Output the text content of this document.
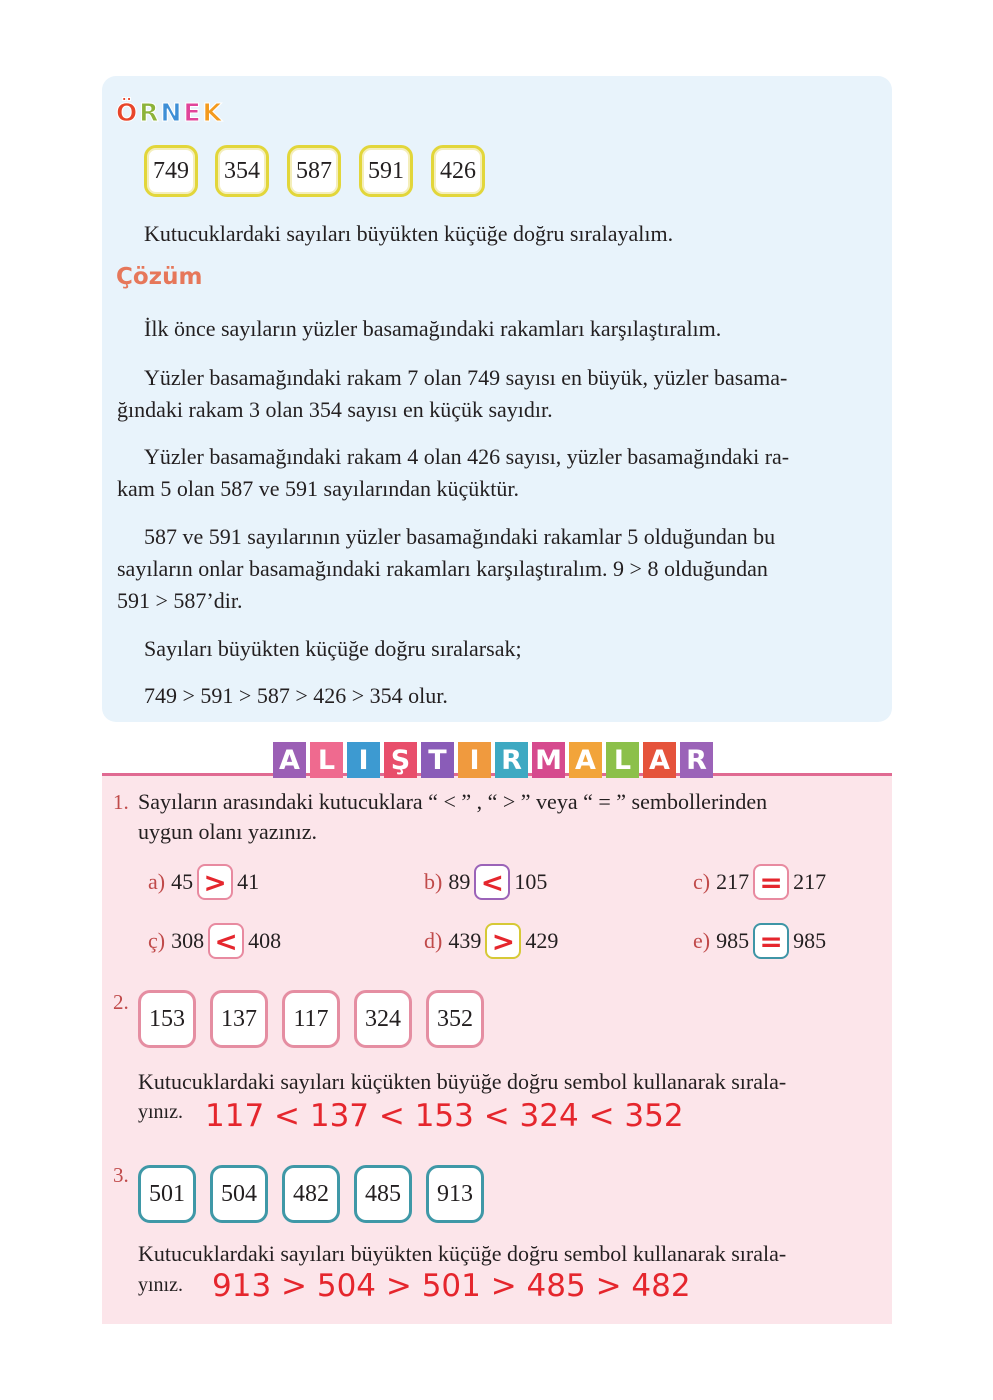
ÖRNEK
749	354	587	591	426
Kutucuklardaki sayıları büyükten küçüğe doğru sıralayalım.
Çözüm
İlk önce sayıların yüzler basamağındaki rakamları karşılaştıralım.
Yüzler basamağındaki rakam 7 olan 749 sayısı en büyük, yüzler basama-
ğındaki rakam 3 olan 354 sayısı en küçük sayıdır.
Yüzler basamağındaki rakam 4 olan 426 sayısı, yüzler basamağındaki ra-
kam 5 olan 587 ve 591 sayılarından küçüktür.
587 ve 591 sayılarının yüzler basamağındaki rakamlar 5 olduğundan bu
sayıların onlar basamağındaki rakamları karşılaştıralım. 9 > 8 olduğundan
591 > 587’dir.
Sayıları büyükten küçüğe doğru sıralarsak;
749 > 591 > 587 > 426 > 354 olur.
A L I Ş T I R M A L A R
1. Sayıların arasındaki kutucuklara “ < ” , “ > ” veya “ = ” sembollerinden
uygun olanı yazınız.
a) 45 > 41	b) 89 < 105	c) 217 = 217
ç) 308 < 408	d) 439 > 429	e) 985 = 985
2.
153	137	117	324	352
Kutucuklardaki sayıları küçükten büyüğe doğru sembol kullanarak sırala-
yınız. 117 < 137 < 153 < 324 < 352
3.
501	504	482	485	913
Kutucuklardaki sayıları büyükten küçüğe doğru sembol kullanarak sırala-
yınız. 913 > 504 > 501 > 485 > 482
